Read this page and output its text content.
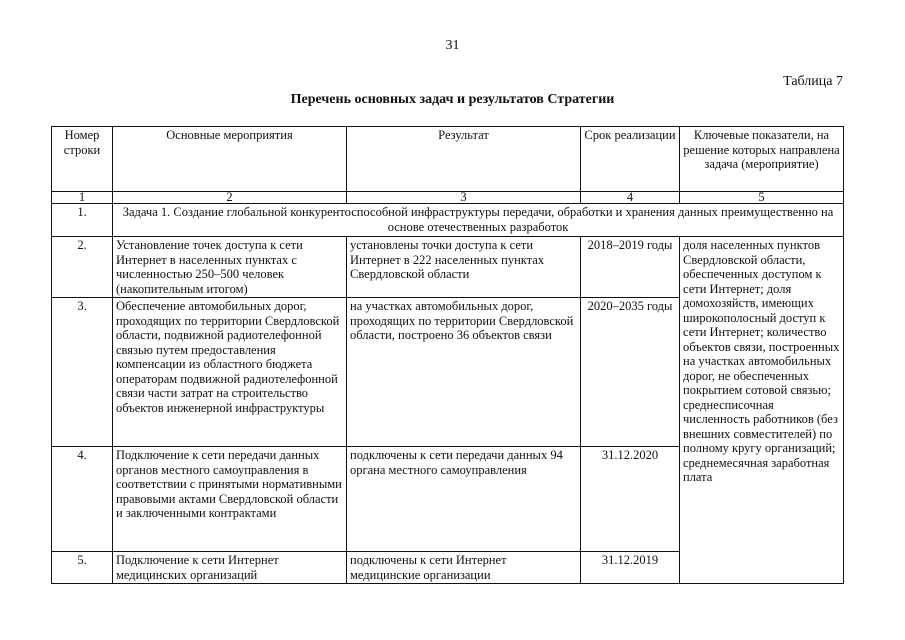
31
Таблица 7
Перечень основных задач и результатов Стратегии
Номер строки	Основные мероприятия	Результат	Срок реализации	Ключевые показатели, на решение которых направлена задача (мероприятие)
1	2	3	4	5
1.	Задача 1. Создание глобальной конкурентоспособной инфраструктуры передачи, обработки и хранения данных преимущественно на основе отечественных разработок			
2.	Установление точек доступа к сети Интернет в населенных пунктах с численностью 250–500 человек (накопительным итогом)	установлены точки доступа к сети Интернет в 222 населенных пунктах Свердловской области	2018–2019 годы	доля населенных пунктов Свердловской области, обеспеченных доступом к сети Интернет; доля домохозяйств, имеющих широкополосный доступ к сети Интернет; количество объектов связи, построенных на участках автомобильных дорог, не обеспеченных покрытием сотовой связью; среднесписочная численность работников (без внешних совместителей) по полному кругу организаций; среднемесячная заработная плата
3.	Обеспечение автомобильных дорог, проходящих по территории Свердловской области, подвижной радиотелефонной связью путем предоставления компенсации из областного бюджета операторам подвижной радиотелефонной связи части затрат на строительство объектов инженерной инфраструктуры	на участках автомобильных дорог, проходящих по территории Свердловской области, построено 36 объектов связи	2020–2035 годы	
4.	Подключение к сети передачи данных органов местного самоуправления в соответствии с принятыми нормативными правовыми актами Свердловской области и заключенными контрактами	подключены к сети передачи данных 94 органа местного самоуправления	31.12.2020	
5.	Подключение к сети Интернет медицинских организаций	подключены к сети Интернет медицинские организации	31.12.2019	
